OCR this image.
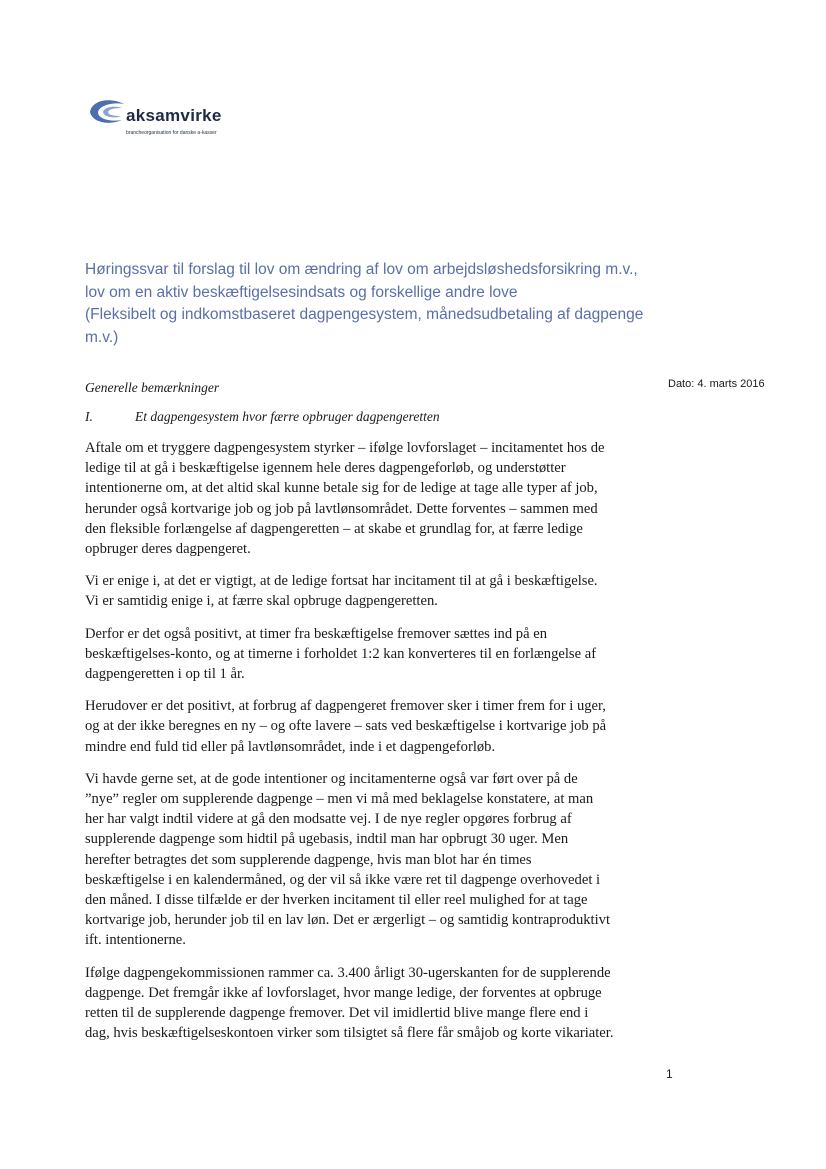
aksamvirke
brancheorganisation for danske a-kasser
Høringssvar til forslag til lov om ændring af lov om arbejdsløshedsforsikring m.v.,
lov om en aktiv beskæftigelsesindsats og forskellige andre love
(Fleksibelt og indkomstbaseret dagpengesystem, månedsudbetaling af dagpenge
m.v.)
Dato: 4. marts 2016
Generelle bemærkninger
I.	Et dagpengesystem hvor færre opbruger dagpengeretten

Aftale om et tryggere dagpengesystem styrker – ifølge lovforslaget – incitamentet hos de
ledige til at gå i beskæftigelse igennem hele deres dagpengeforløb, og understøtter
intentionerne om, at det altid skal kunne betale sig for de ledige at tage alle typer af job,
herunder også kortvarige job og job på lavtlønsområdet. Dette forventes – sammen med
den fleksible forlængelse af dagpengeretten – at skabe et grundlag for, at færre ledige
opbruger deres dagpengeret.

Vi er enige i, at det er vigtigt, at de ledige fortsat har incitament til at gå i beskæftigelse.
Vi er samtidig enige i, at færre skal opbruge dagpengeretten.

Derfor er det også positivt, at timer fra beskæftigelse fremover sættes ind på en
beskæftigelses-konto, og at timerne i forholdet 1:2 kan konverteres til en forlængelse af
dagpengeretten i op til 1 år.

Herudover er det positivt, at forbrug af dagpengeret fremover sker i timer frem for i uger,
og at der ikke beregnes en ny – og ofte lavere – sats ved beskæftigelse i kortvarige job på
mindre end fuld tid eller på lavtlønsområdet, inde i et dagpengeforløb.

Vi havde gerne set, at de gode intentioner og incitamenterne også var ført over på de
”nye” regler om supplerende dagpenge – men vi må med beklagelse konstatere, at man
her har valgt indtil videre at gå den modsatte vej. I de nye regler opgøres forbrug af
supplerende dagpenge som hidtil på ugebasis, indtil man har opbrugt 30 uger. Men
herefter betragtes det som supplerende dagpenge, hvis man blot har én times
beskæftigelse i en kalendermåned, og der vil så ikke være ret til dagpenge overhovedet i
den måned. I disse tilfælde er der hverken incitament til eller reel mulighed for at tage
kortvarige job, herunder job til en lav løn. Det er ærgerligt – og samtidig kontraproduktivt
ift. intentionerne.

Ifølge dagpengekommissionen rammer ca. 3.400 årligt 30-ugerskanten for de supplerende
dagpenge. Det fremgår ikke af lovforslaget, hvor mange ledige, der forventes at opbruge
retten til de supplerende dagpenge fremover. Det vil imidlertid blive mange flere end i
dag, hvis beskæftigelseskontoen virker som tilsigtet så flere får småjob og korte vikariater.

1
